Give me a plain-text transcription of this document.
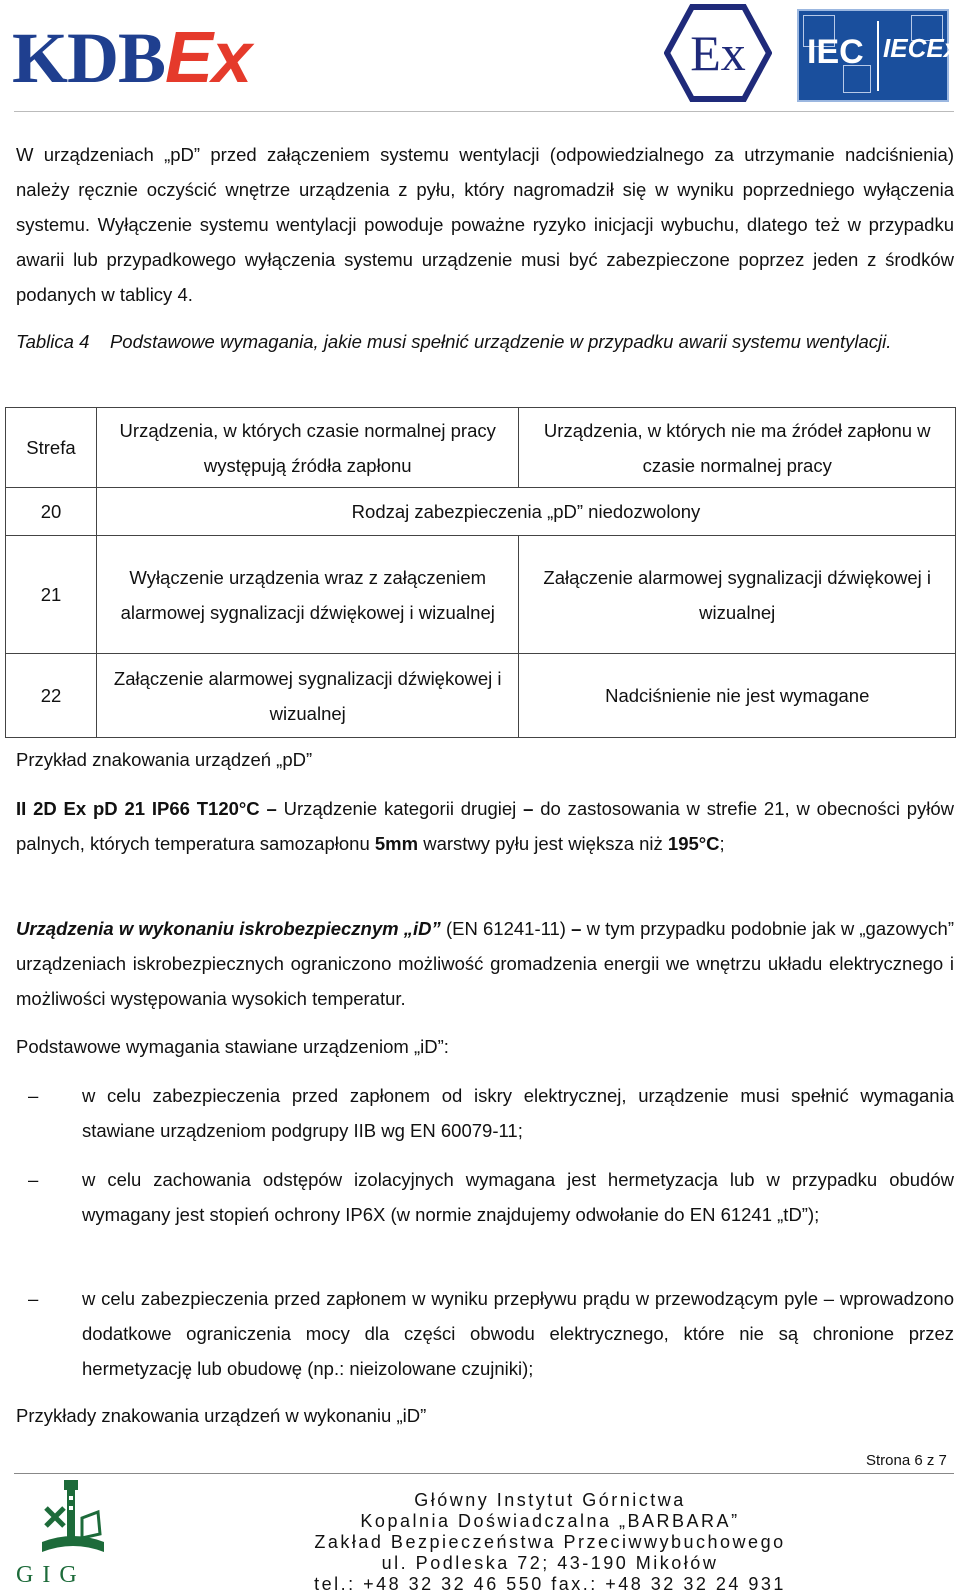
KDBEx	Ex IEC IECEx
W urządzeniach „pD” przed załączeniem systemu wentylacji (odpowiedzialnego za utrzymanie nadciśnienia) należy ręcznie oczyścić wnętrze urządzenia z pyłu, który nagromadził się w wyniku poprzedniego wyłączenia systemu. Wyłączenie systemu wentylacji powoduje poważne ryzyko inicjacji wybuchu, dlatego też w przypadku awarii lub przypadkowego wyłączenia systemu urządzenie musi być zabezpieczone poprzez jeden z środków podanych w tablicy 4.
Tablica 4 Podstawowe wymagania, jakie musi spełnić urządzenie w przypadku awarii systemu wentylacji.
Strefa	Urządzenia, w których czasie normalnej pracy występują źródła zapłonu	Urządzenia, w których nie ma źródeł zapłonu w czasie normalnej pracy
20	Rodzaj zabezpieczenia „pD” niedozwolony	
21	Wyłączenie urządzenia wraz z załączeniem alarmowej sygnalizacji dźwiękowej i wizualnej	Załączenie alarmowej sygnalizacji dźwiękowej i wizualnej
22	Załączenie alarmowej sygnalizacji dźwiękowej i wizualnej	Nadciśnienie nie jest wymagane
Przykład znakowania urządzeń „pD”
II 2D Ex pD 21 IP66 T120°C – Urządzenie kategorii drugiej – do zastosowania w strefie 21, w obecności pyłów palnych, których temperatura samozapłonu 5mm warstwy pyłu jest większa niż 195°C;
Urządzenia w wykonaniu iskrobezpiecznym „iD” (EN 61241-11) – w tym przypadku podobnie jak w „gazowych” urządzeniach iskrobezpiecznych ograniczono możliwość gromadzenia energii we wnętrzu układu elektrycznego i możliwości występowania wysokich temperatur.
Podstawowe wymagania stawiane urządzeniom „iD”:
– w celu zabezpieczenia przed zapłonem od iskry elektrycznej, urządzenie musi spełnić wymagania stawiane urządzeniom podgrupy IIB wg EN 60079-11;
– w celu zachowania odstępów izolacyjnych wymagana jest hermetyzacja lub w przypadku obudów wymagany jest stopień ochrony IP6X (w normie znajdujemy odwołanie do EN 61241 „tD”);
– w celu zabezpieczenia przed zapłonem w wyniku przepływu prądu w przewodzącym pyle – wprowadzono dodatkowe ograniczenia mocy dla części obwodu elektrycznego, które nie są chronione przez hermetyzację lub obudowę (np.: nieizolowane czujniki);
Przykłady znakowania urządzeń w wykonaniu „iD”
Strona 6 z 7
GIG
Główny Instytut Górnictwa
Kopalnia Doświadczalna „BARBARA”
Zakład Bezpieczeństwa Przeciwwybuchowego
ul. Podleska 72; 43-190 Mikołów
tel.: +48 32 32 46 550 fax.: +48 32 32 24 931
